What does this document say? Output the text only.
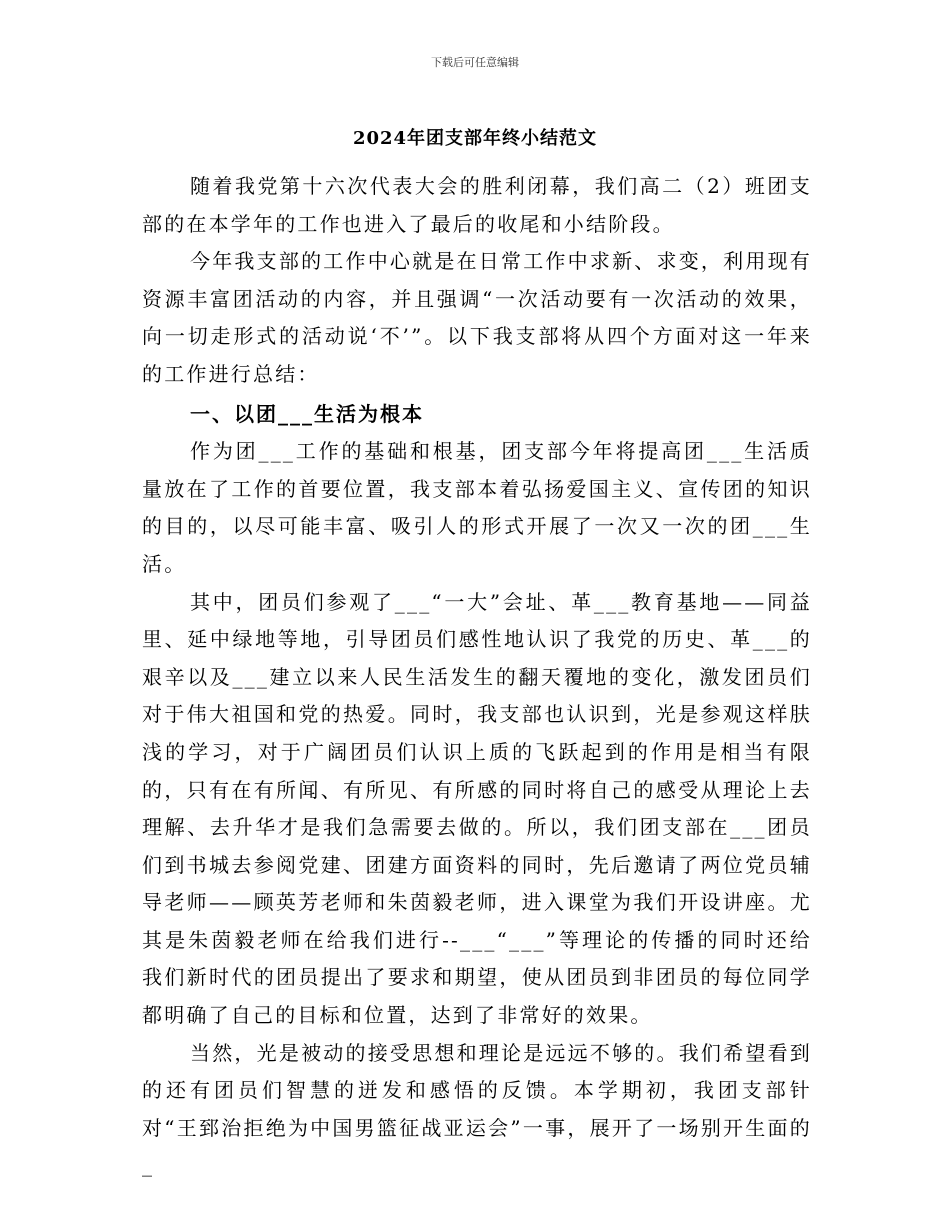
下载后可任意编辑
2024年团支部年终小结范文

随着我党第十六次代表大会的胜利闭幕，我们高二（2）班团支部的在本学年的工作也进入了最后的收尾和小结阶段。

今年我支部的工作中心就是在日常工作中求新、求变，利用现有资源丰富团活动的内容，并且强调“一次活动要有一次活动的效果，向一切走形式的活动说‘不’”。以下我支部将从四个方面对这一年来的工作进行总结：

一、以团___生活为根本

作为团___工作的基础和根基，团支部今年将提高团___生活质量放在了工作的首要位置，我支部本着弘扬爱国主义、宣传团的知识的目的，以尽可能丰富、吸引人的形式开展了一次又一次的团___生活。

其中，团员们参观了___“一大”会址、革___教育基地——同益里、延中绿地等地，引导团员们感性地认识了我党的历史、革___的艰辛以及___建立以来人民生活发生的翻天覆地的变化，激发团员们对于伟大祖国和党的热爱。同时，我支部也认识到，光是参观这样肤浅的学习，对于广阔团员们认识上质的飞跃起到的作用是相当有限的，只有在有所闻、有所见、有所感的同时将自己的感受从理论上去理解、去升华才是我们急需要去做的。所以，我们团支部在___团员们到书城去参阅党建、团建方面资料的同时，先后邀请了两位党员辅导老师——顾英芳老师和朱茵毅老师，进入课堂为我们开设讲座。尤其是朱茵毅老师在给我们进行--___“___”等理论的传播的同时还给我们新时代的团员提出了要求和期望，使从团员到非团员的每位同学都明确了自己的目标和位置，达到了非常好的效果。

当然，光是被动的接受思想和理论是远远不够的。我们希望看到的还有团员们智慧的迸发和感悟的反馈。本学期初，我团支部针对“王郅治拒绝为中国男篮征战亚运会”一事，展开了一场别开生面的_
